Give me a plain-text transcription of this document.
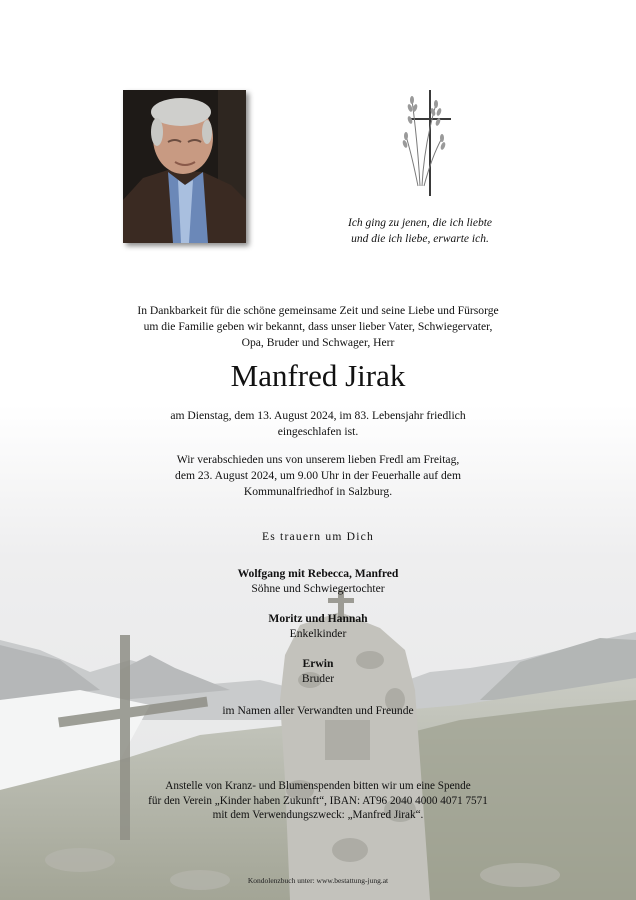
Ich ging zu jenen, die ich liebte
und die ich liebe, erwarte ich.
In Dankbarkeit für die schöne gemeinsame Zeit und seine Liebe und Fürsorge
um die Familie geben wir bekannt, dass unser lieber Vater, Schwiegervater,
Opa, Bruder und Schwager, Herr
Manfred Jirak
am Dienstag, dem 13. August 2024, im 83. Lebensjahr friedlich
eingeschlafen ist.
Wir verabschieden uns von unserem lieben Fredl am Freitag,
dem 23. August 2024, um 9.00 Uhr in der Feuerhalle auf dem
Kommunalfriedhof in Salzburg.
Es trauern um Dich
Wolfgang mit Rebecca, Manfred
Söhne und Schwiegertochter
Moritz und Hannah
Enkelkinder
Erwin
Bruder
im Namen aller Verwandten und Freunde
Anstelle von Kranz- und Blumenspenden bitten wir um eine Spende
für den Verein „Kinder haben Zukunft“, IBAN: AT96 2040 4000 4071 7571
mit dem Verwendungszweck: „Manfred Jirak“.
Kondolenzbuch unter: www.bestattung-jung.at
